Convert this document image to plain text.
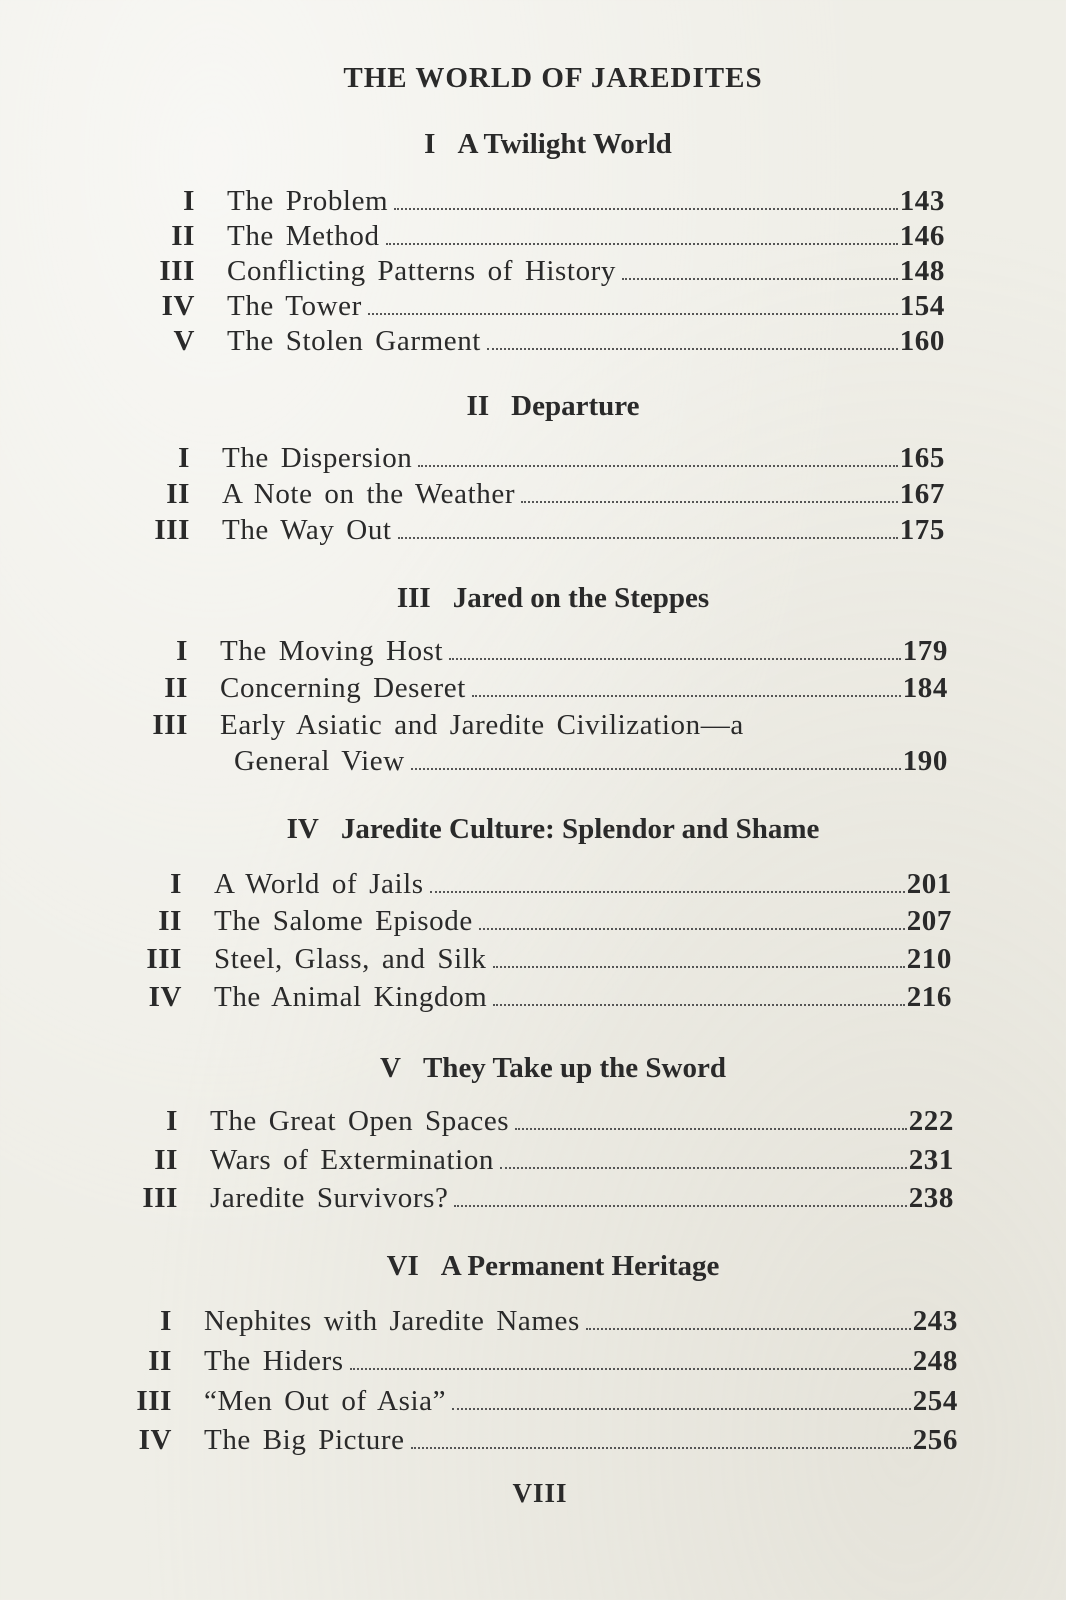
THE WORLD OF JAREDITES
I A Twilight World
I The Problem	143
II The Method	146
III Conflicting Patterns of History	148
IV The Tower	154
V The Stolen Garment	160
II Departure
I The Dispersion	165
II A Note on the Weather	167
III The Way Out	175
III Jared on the Steppes
I The Moving Host	179
II Concerning Deseret	184
III Early Asiatic and Jaredite Civilization—a
General View	190
IV Jaredite Culture: Splendor and Shame
I A World of Jails	201
II The Salome Episode	207
III Steel, Glass, and Silk	210
IV The Animal Kingdom	216
V They Take up the Sword
I The Great Open Spaces	222
II Wars of Extermination	231
III Jaredite Survivors?	238
VI A Permanent Heritage
I Nephites with Jaredite Names	243
II The Hiders	248
III “Men Out of Asia”	254
IV The Big Picture	256
VIII
